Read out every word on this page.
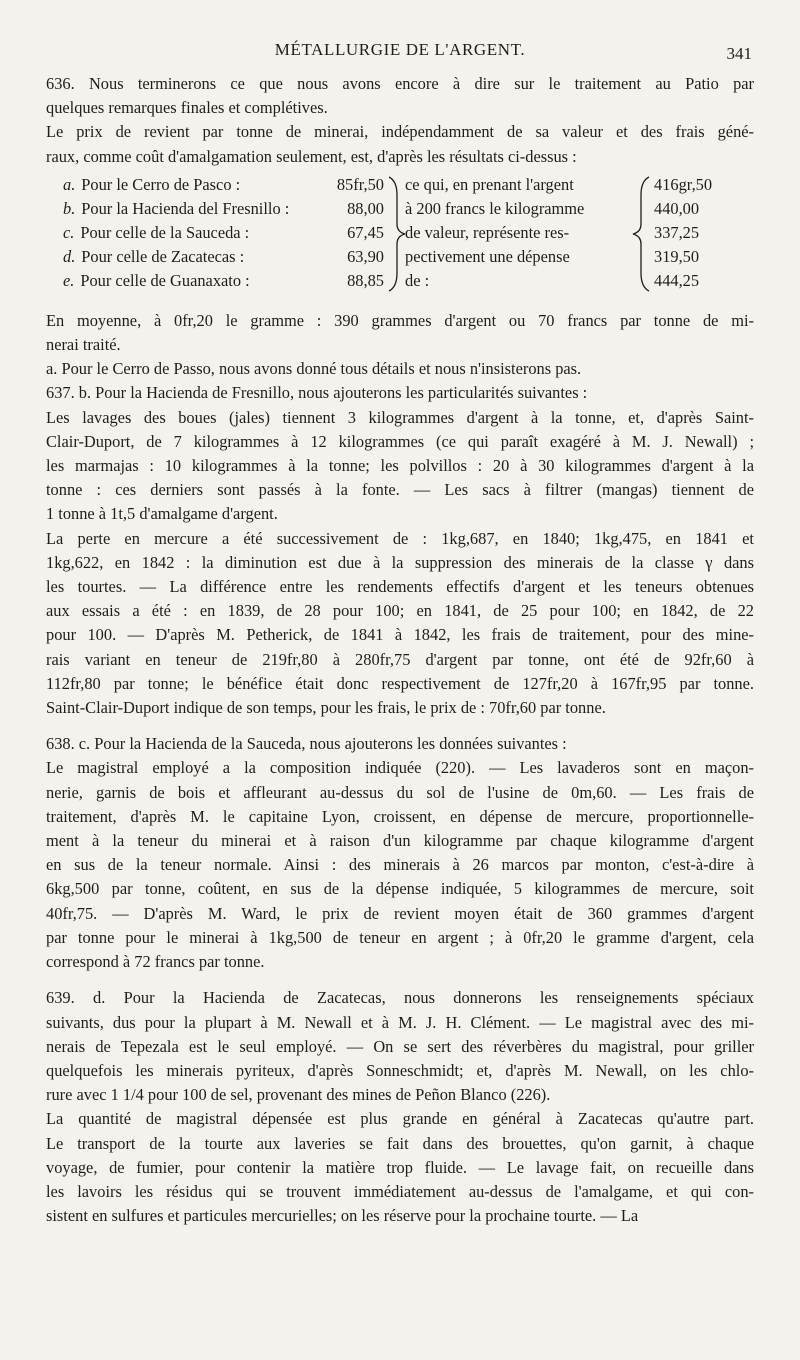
MÉTALLURGIE DE L'ARGENT.	341

636. Nous terminerons ce que nous avons encore à dire sur le traitement au Patio par
quelques remarques finales et complétives.

Le prix de revient par tonne de minerai, indépendamment de sa valeur et des frais géné-
raux, comme coût d'amalgamation seulement, est, d'après les résultats ci-dessus :

a. Pour le Cerro de Pasco :	85fr,50 ce qui, en prenant l'argent	416gr,50
b. Pour la Hacienda del Fresnillo :	88,00 à 200 francs le kilogramme	440,00
c. Pour celle de la Sauceda :	67,45 de valeur, représente res-	337,25
d. Pour celle de Zacatecas :	63,90 pectivement une dépense	319,50
e. Pour celle de Guanaxato :	88,85 de :	444,25

En moyenne, à 0fr,20 le gramme : 390 grammes d'argent ou 70 francs par tonne de mi-
nerai traité.

a. Pour le Cerro de Passo, nous avons donné tous détails et nous n'insisterons pas.

637. b. Pour la Hacienda de Fresnillo, nous ajouterons les particularités suivantes :

Les lavages des boues (jales) tiennent 3 kilogrammes d'argent à la tonne, et, d'après Saint-
Clair-Duport, de 7 kilogrammes à 12 kilogrammes (ce qui paraît exagéré à M. J. Newall) ;
les marmajas : 10 kilogrammes à la tonne; les polvillos : 20 à 30 kilogrammes d'argent à la
tonne : ces derniers sont passés à la fonte. — Les sacs à filtrer (mangas) tiennent de
1 tonne à 1t,5 d'amalgame d'argent.

La perte en mercure a été successivement de : 1kg,687, en 1840; 1kg,475, en 1841 et
1kg,622, en 1842 : la diminution est due à la suppression des minerais de la classe γ dans
les tourtes. — La différence entre les rendements effectifs d'argent et les teneurs obtenues
aux essais a été : en 1839, de 28 pour 100; en 1841, de 25 pour 100; en 1842, de 22
pour 100. — D'après M. Petherick, de 1841 à 1842, les frais de traitement, pour des mine-
rais variant en teneur de 219fr,80 à 280fr,75 d'argent par tonne, ont été de 92fr,60 à
112fr,80 par tonne; le bénéfice était donc respectivement de 127fr,20 à 167fr,95 par tonne.
Saint-Clair-Duport indique de son temps, pour les frais, le prix de : 70fr,60 par tonne.

638. c. Pour la Hacienda de la Sauceda, nous ajouterons les données suivantes :

Le magistral employé a la composition indiquée (220). — Les lavaderos sont en maçon-
nerie, garnis de bois et affleurant au-dessus du sol de l'usine de 0m,60. — Les frais de
traitement, d'après M. le capitaine Lyon, croissent, en dépense de mercure, proportionnelle-
ment à la teneur du minerai et à raison d'un kilogramme par chaque kilogramme d'argent
en sus de la teneur normale. Ainsi : des minerais à 26 marcos par monton, c'est-à-dire à
6kg,500 par tonne, coûtent, en sus de la dépense indiquée, 5 kilogrammes de mercure, soit
40fr,75. — D'après M. Ward, le prix de revient moyen était de 360 grammes d'argent
par tonne pour le minerai à 1kg,500 de teneur en argent ; à 0fr,20 le gramme d'argent, cela
correspond à 72 francs par tonne.

639. d. Pour la Hacienda de Zacatecas, nous donnerons les renseignements spéciaux
suivants, dus pour la plupart à M. Newall et à M. J. H. Clément. — Le magistral avec des mi-
nerais de Tepezala est le seul employé. — On se sert des réverbères du magistral, pour griller
quelquefois les minerais pyriteux, d'après Sonneschmidt; et, d'après M. Newall, on les chlo-
rure avec 1 1/4 pour 100 de sel, provenant des mines de Peñon Blanco (226).

La quantité de magistral dépensée est plus grande en général à Zacatecas qu'autre part.
Le transport de la tourte aux laveries se fait dans des brouettes, qu'on garnit, à chaque
voyage, de fumier, pour contenir la matière trop fluide. — Le lavage fait, on recueille dans
les lavoirs les résidus qui se trouvent immédiatement au-dessus de l'amalgame, et qui con-
sistent en sulfures et particules mercurielles; on les réserve pour la prochaine tourte. — La
